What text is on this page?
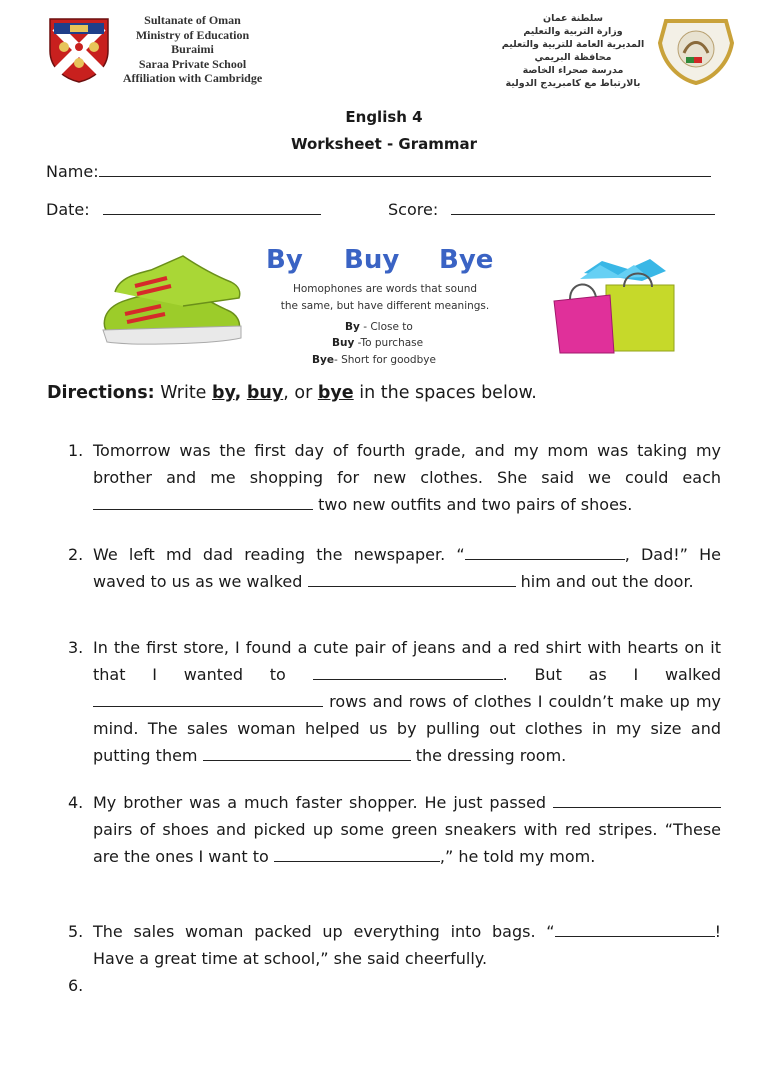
Sultanate of Oman
Ministry of Education
Buraimi
Saraa Private School
Affiliation with Cambridge
سلطنة عمان
وزارة التربية والتعليم
المديرية العامة للتربية والتعليم
محافظة البريمي
مدرسة صحراء الخاصة
بالارتباط مع كامبريدج الدولية
English 4
Worksheet - Grammar
Name:
Date:	Score:
By Buy Bye
Homophones are words that sound
the same, but have different meanings.
By - Close to
Buy -To purchase
Bye- Short for goodbye
Directions: Write by, buy, or bye in the spaces below.
1. Tomorrow was the first day of fourth grade, and my mom was taking my brother and me shopping for new clothes. She said we could each  two new outfits and two pairs of shoes.
2. We left md dad reading the newspaper. “	, Dad!” He waved to us as we walked	him and out the door.
3. In the first store, I found a cute pair of jeans and a red shirt with hearts on it that I wanted to	. But as I walked  rows and rows of clothes I couldn’t make up my mind. The sales woman helped us by pulling out clothes in my size and putting them	the dressing room.
4. My brother was a much faster shopper. He just passed  pairs of shoes and picked up some green sneakers with red stripes. “These are the ones I want to	,” he told my mom.
5. The sales woman packed up everything into bags. “	! Have a great time at school,” she said cheerfully.
6.
